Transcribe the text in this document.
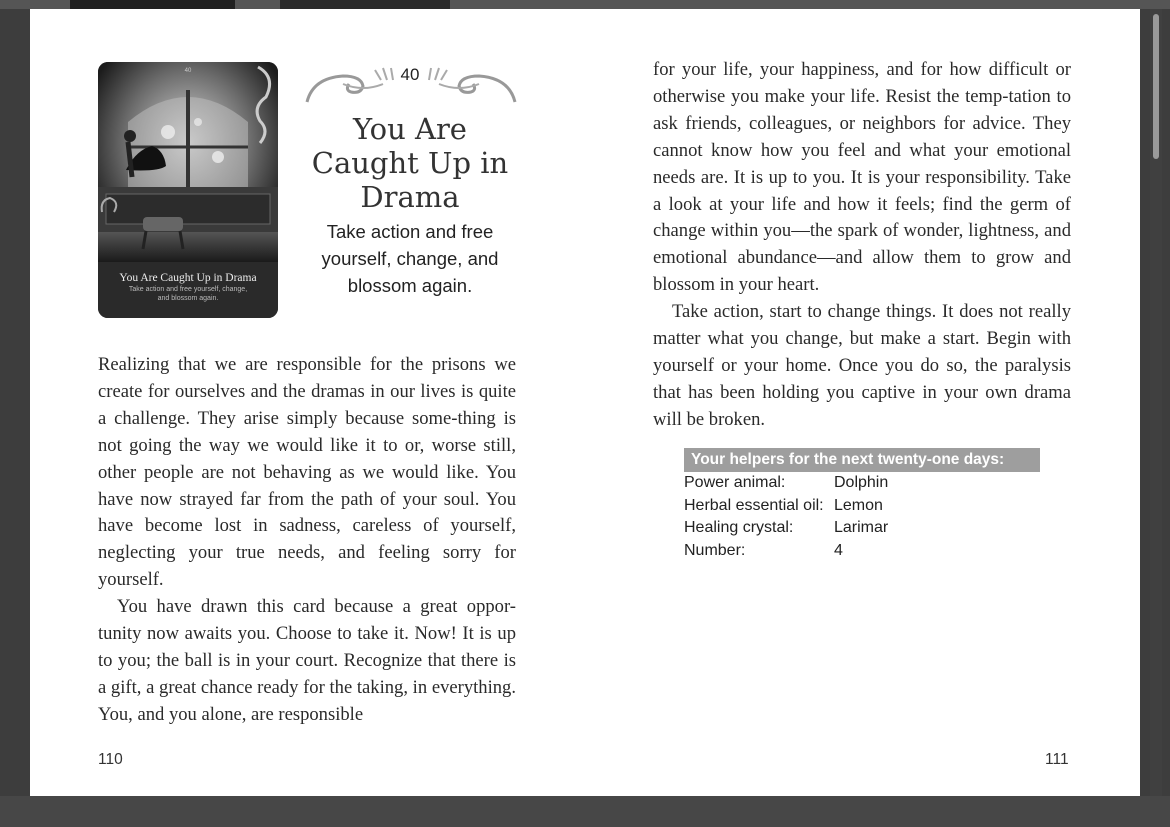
40
You Are Caught Up in Drama
Take action and free yourself, change, and blossom again.
40
You Are Caught Up in Drama
Take action and free yourself, change, and blossom again.

Realizing that we are responsible for the prisons we create for ourselves and the dramas in our lives is quite a challenge. They arise simply because some-thing is not going the way we would like it to or, worse still, other people are not behaving as we would like. You have now strayed far from the path of your soul. You have become lost in sadness, careless of yourself, neglecting your true needs, and feeling sorry for yourself.

You have drawn this card because a great oppor-tunity now awaits you. Choose to take it. Now! It is up to you; the ball is in your court. Recognize that there is a gift, a great chance ready for the taking, in everything. You, and you alone, are responsible

for your life, your happiness, and for how difficult or otherwise you make your life. Resist the temp-tation to ask friends, colleagues, or neighbors for advice. They cannot know how you feel and what your emotional needs are. It is up to you. It is your responsibility. Take a look at your life and how it feels; find the germ of change within you—the spark of wonder, lightness, and emotional abundance—and allow them to grow and blossom in your heart.

Take action, start to change things. It does not really matter what you change, but make a start. Begin with yourself or your home. Once you do so, the paralysis that has been holding you captive in your own drama will be broken.

Your helpers for the next twenty-one days:
Power animal:	Dolphin
Herbal essential oil: Lemon
Healing crystal:	Larimar
Number:	4
110	111
